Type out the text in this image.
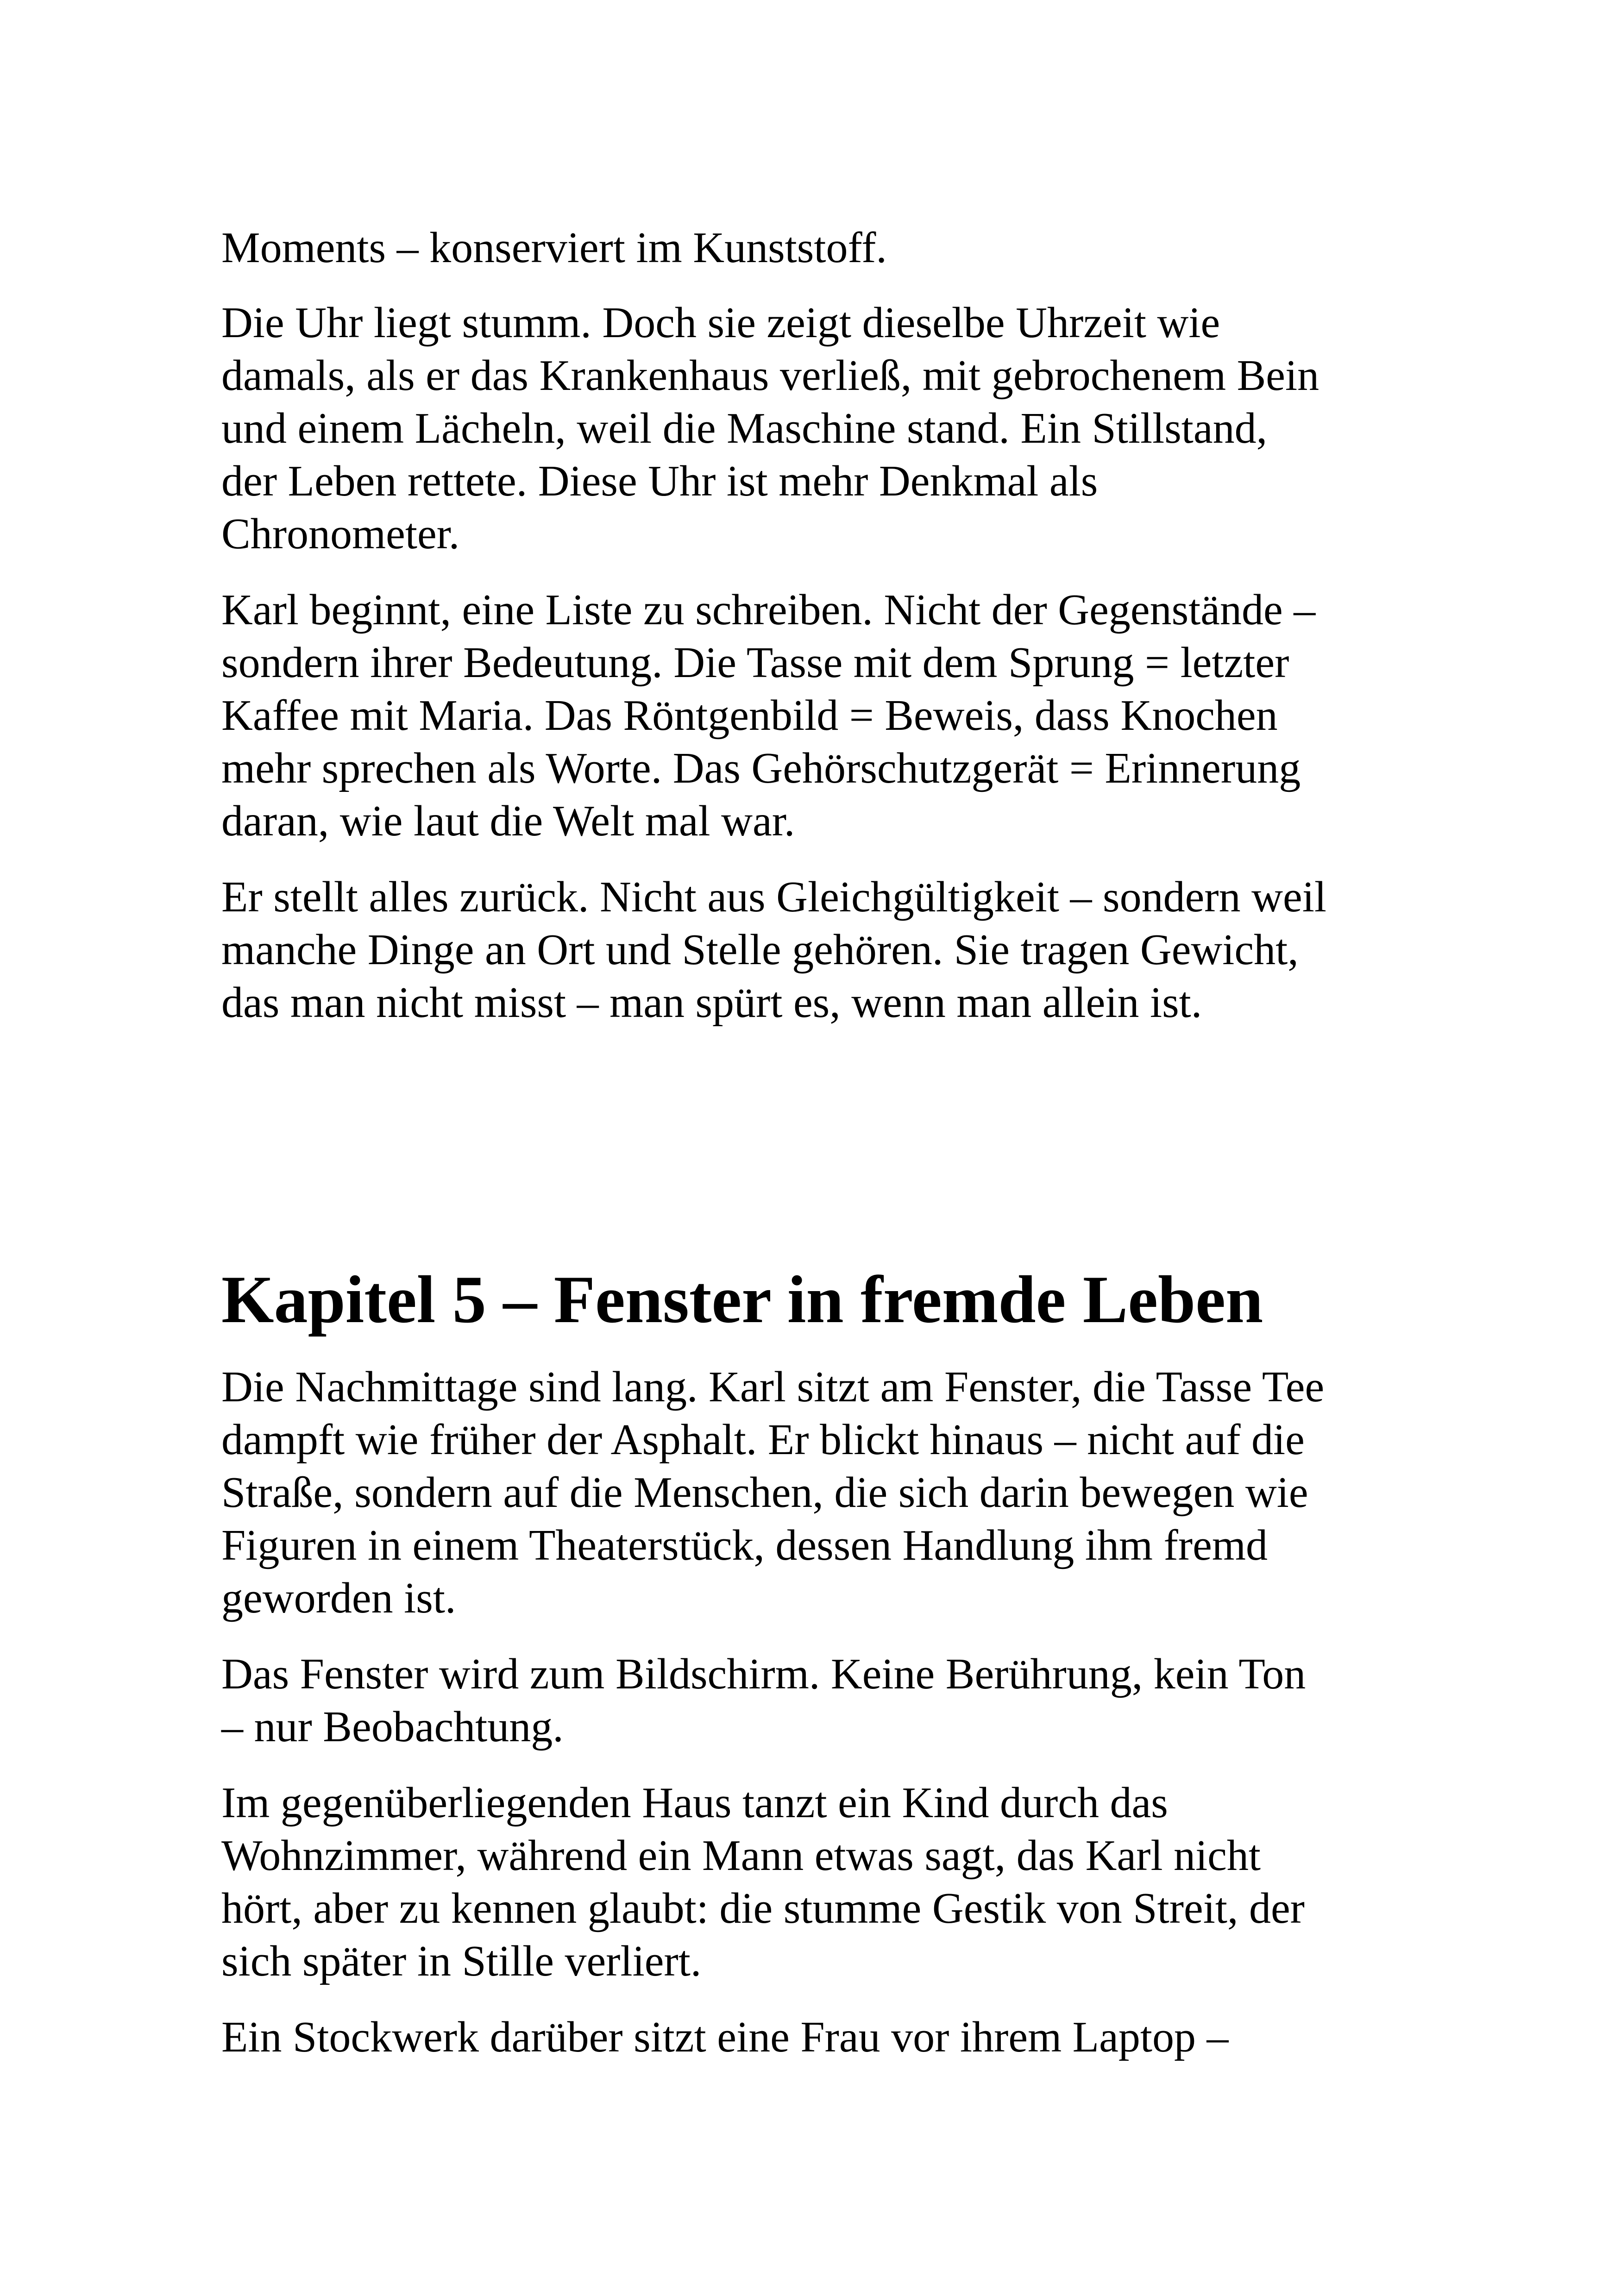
Moments – konserviert im Kunststoff.

Die Uhr liegt stumm. Doch sie zeigt dieselbe Uhrzeit wie
damals, als er das Krankenhaus verließ, mit gebrochenem Bein
und einem Lächeln, weil die Maschine stand. Ein Stillstand,
der Leben rettete. Diese Uhr ist mehr Denkmal als
Chronometer.

Karl beginnt, eine Liste zu schreiben. Nicht der Gegenstände –
sondern ihrer Bedeutung. Die Tasse mit dem Sprung = letzter
Kaffee mit Maria. Das Röntgenbild = Beweis, dass Knochen
mehr sprechen als Worte. Das Gehörschutzgerät = Erinnerung
daran, wie laut die Welt mal war.

Er stellt alles zurück. Nicht aus Gleichgültigkeit – sondern weil
manche Dinge an Ort und Stelle gehören. Sie tragen Gewicht,
das man nicht misst – man spürt es, wenn man allein ist.

Kapitel 5 – Fenster in fremde Leben

Die Nachmittage sind lang. Karl sitzt am Fenster, die Tasse Tee
dampft wie früher der Asphalt. Er blickt hinaus – nicht auf die
Straße, sondern auf die Menschen, die sich darin bewegen wie
Figuren in einem Theaterstück, dessen Handlung ihm fremd
geworden ist.

Das Fenster wird zum Bildschirm. Keine Berührung, kein Ton
– nur Beobachtung.

Im gegenüberliegenden Haus tanzt ein Kind durch das
Wohnzimmer, während ein Mann etwas sagt, das Karl nicht
hört, aber zu kennen glaubt: die stumme Gestik von Streit, der
sich später in Stille verliert.

Ein Stockwerk darüber sitzt eine Frau vor ihrem Laptop –
